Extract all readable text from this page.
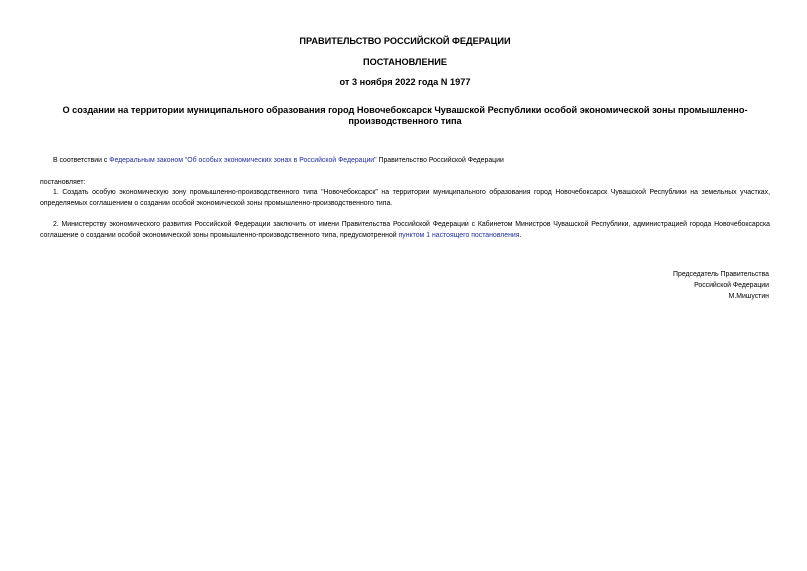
ПРАВИТЕЛЬСТВО РОССИЙСКОЙ ФЕДЕРАЦИИ
ПОСТАНОВЛЕНИЕ
от 3 ноября 2022 года N 1977
О создании на территории муниципального образования город Новочебоксарск Чувашской Республики особой экономической зоны промышленно-производственного типа
В соответствии с Федеральным законом "Об особых экономических зонах в Российской Федерации" Правительство Российской Федерации
постановляет:
1. Создать особую экономическую зону промышленно-производственного типа "Новочебоксарск" на территории муниципального образования город Новочебоксарск Чувашской Республики на земельных участках, определяемых соглашением о создании особой экономической зоны промышленно-производственного типа.
2. Министерству экономического развития Российской Федерации заключить от имени Правительства Российской Федерации с Кабинетом Министров Чувашской Республики, администрацией города Новочебоксарска соглашение о создании особой экономической зоны промышленно-производственного типа, предусмотренной пунктом 1 настоящего постановления.
Председатель Правительства
Российской Федерации
М.Мишустин
